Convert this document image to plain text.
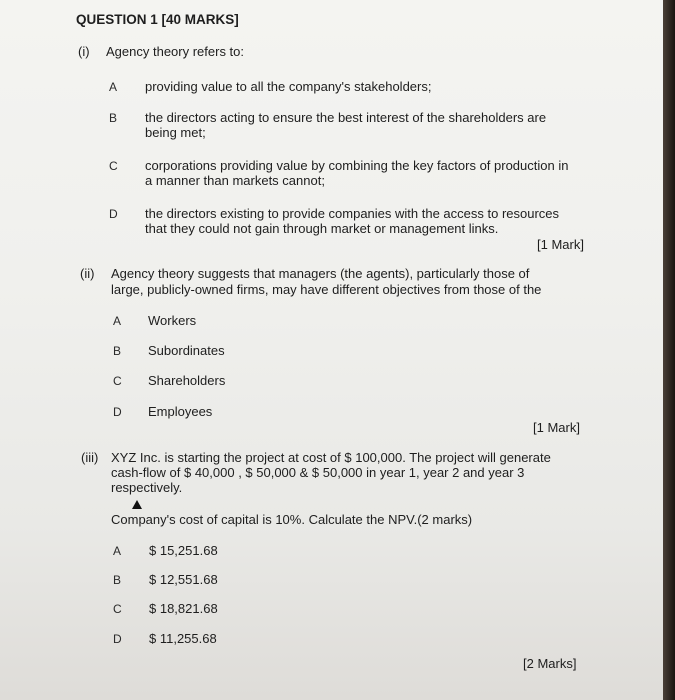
QUESTION 1 [40 MARKS]
(i) Agency theory refers to:
A providing value to all the company's stakeholders;
B the directors acting to ensure the best interest of the shareholders are
being met;
C corporations providing value by combining the key factors of production in
a manner than markets cannot;
D the directors existing to provide companies with the access to resources
that they could not gain through market or management links.
[1 Mark]
(ii) Agency theory suggests that managers (the agents), particularly those of
large, publicly-owned firms, may have different objectives from those of the
A Workers
B Subordinates
C Shareholders
D Employees
[1 Mark]
(iii) XYZ Inc. is starting the project at cost of $ 100,000. The project will generate
cash-flow of $ 40,000 , $ 50,000 & $ 50,000 in year 1, year 2 and year 3
respectively.
Company's cost of capital is 10%. Calculate the NPV.(2 marks)
A $ 15,251.68
B $ 12,551.68
C $ 18,821.68
D $ 11,255.68
[2 Marks]
